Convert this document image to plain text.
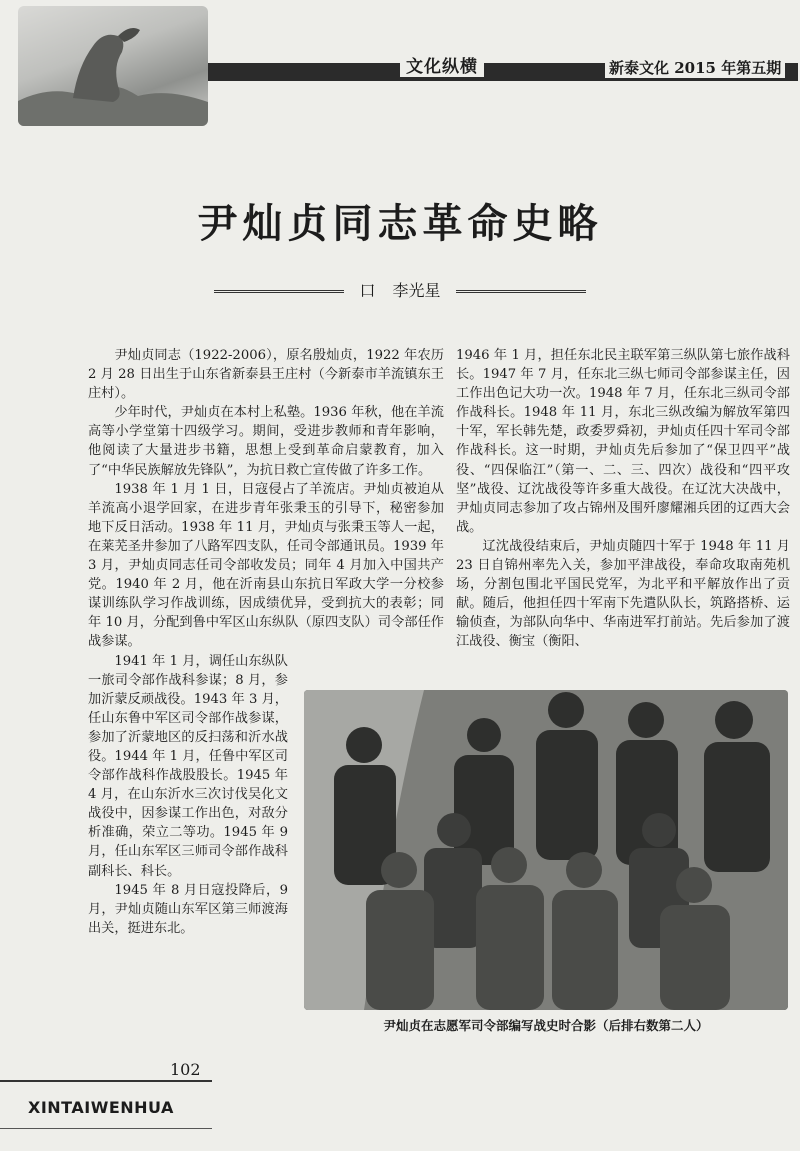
文化纵横	新泰文化 2015 年第五期
尹灿贞同志革命史略
口 李光星

尹灿贞同志（1922-2006），原名殷灿贞，1922 年农历 2 月 28 日出生于山东省新泰县王庄村（今新泰市羊流镇东王庄村）。

少年时代，尹灿贞在本村上私塾。1936 年秋，他在羊流高等小学堂第十四级学习。期间，受进步教师和青年影响，他阅读了大量进步书籍，思想上受到革命启蒙教育，加入了“中华民族解放先锋队”，为抗日救亡宣传做了许多工作。

1938 年 1 月 1 日，日寇侵占了羊流店。尹灿贞被迫从羊流高小退学回家，在进步青年张秉玉的引导下，秘密参加地下反日活动。1938 年 11 月，尹灿贞与张秉玉等人一起，在莱芜圣井参加了八路军四支队，任司令部通讯员。1939 年 3 月，尹灿贞同志任司令部收发员；同年 4 月加入中国共产党。1940 年 2 月，他在沂南县山东抗日军政大学一分校参谋训练队学习作战训练，因成绩优异，受到抗大的表彰；同年 10 月，分配到鲁中军区山东纵队（原四支队）司令部任作战参谋。

1941 年 1 月，调任山东纵队一旅司令部作战科参谋；8 月，参加沂蒙反顽战役。1943 年 3 月，任山东鲁中军区司令部作战参谋，参加了沂蒙地区的反扫荡和沂水战役。1944 年 1 月，任鲁中军区司令部作战科作战股股长。1945 年 4 月，在山东沂水三次讨伐吴化文战役中，因参谋工作出色，对敌分析准确，荣立二等功。1945 年 9 月，任山东军区三师司令部作战科副科长、科长。

1945 年 8 月日寇投降后，9 月，尹灿贞随山东军区第三师渡海出关，挺进东北。

1946 年 1 月，担任东北民主联军第三纵队第七旅作战科长。1947 年 7 月，任东北三纵七师司令部参谋主任，因工作出色记大功一次。1948 年 7 月，任东北三纵司令部作战科长。1948 年 11 月，东北三纵改编为解放军第四十军，军长韩先楚，政委罗舜初，尹灿贞任四十军司令部作战科长。这一时期，尹灿贞先后参加了“保卫四平”战役、“四保临江”（第一、二、三、四次）战役和“四平攻坚”战役、辽沈战役等许多重大战役。在辽沈大决战中，尹灿贞同志参加了攻占锦州及围歼廖耀湘兵团的辽西大会战。

辽沈战役结束后，尹灿贞随四十军于 1948 年 11 月 23 日自锦州率先入关，参加平津战役，奉命攻取南苑机场，分割包围北平国民党军，为北平和平解放作出了贡献。随后，他担任四十军南下先遣队队长，筑路搭桥、运输侦查，为部队向华中、华南进军打前站。先后参加了渡江战役、衡宝（衡阳、

尹灿贞在志愿军司令部编写战史时合影（后排右数第二人）
102
XINTAIWENHUA
